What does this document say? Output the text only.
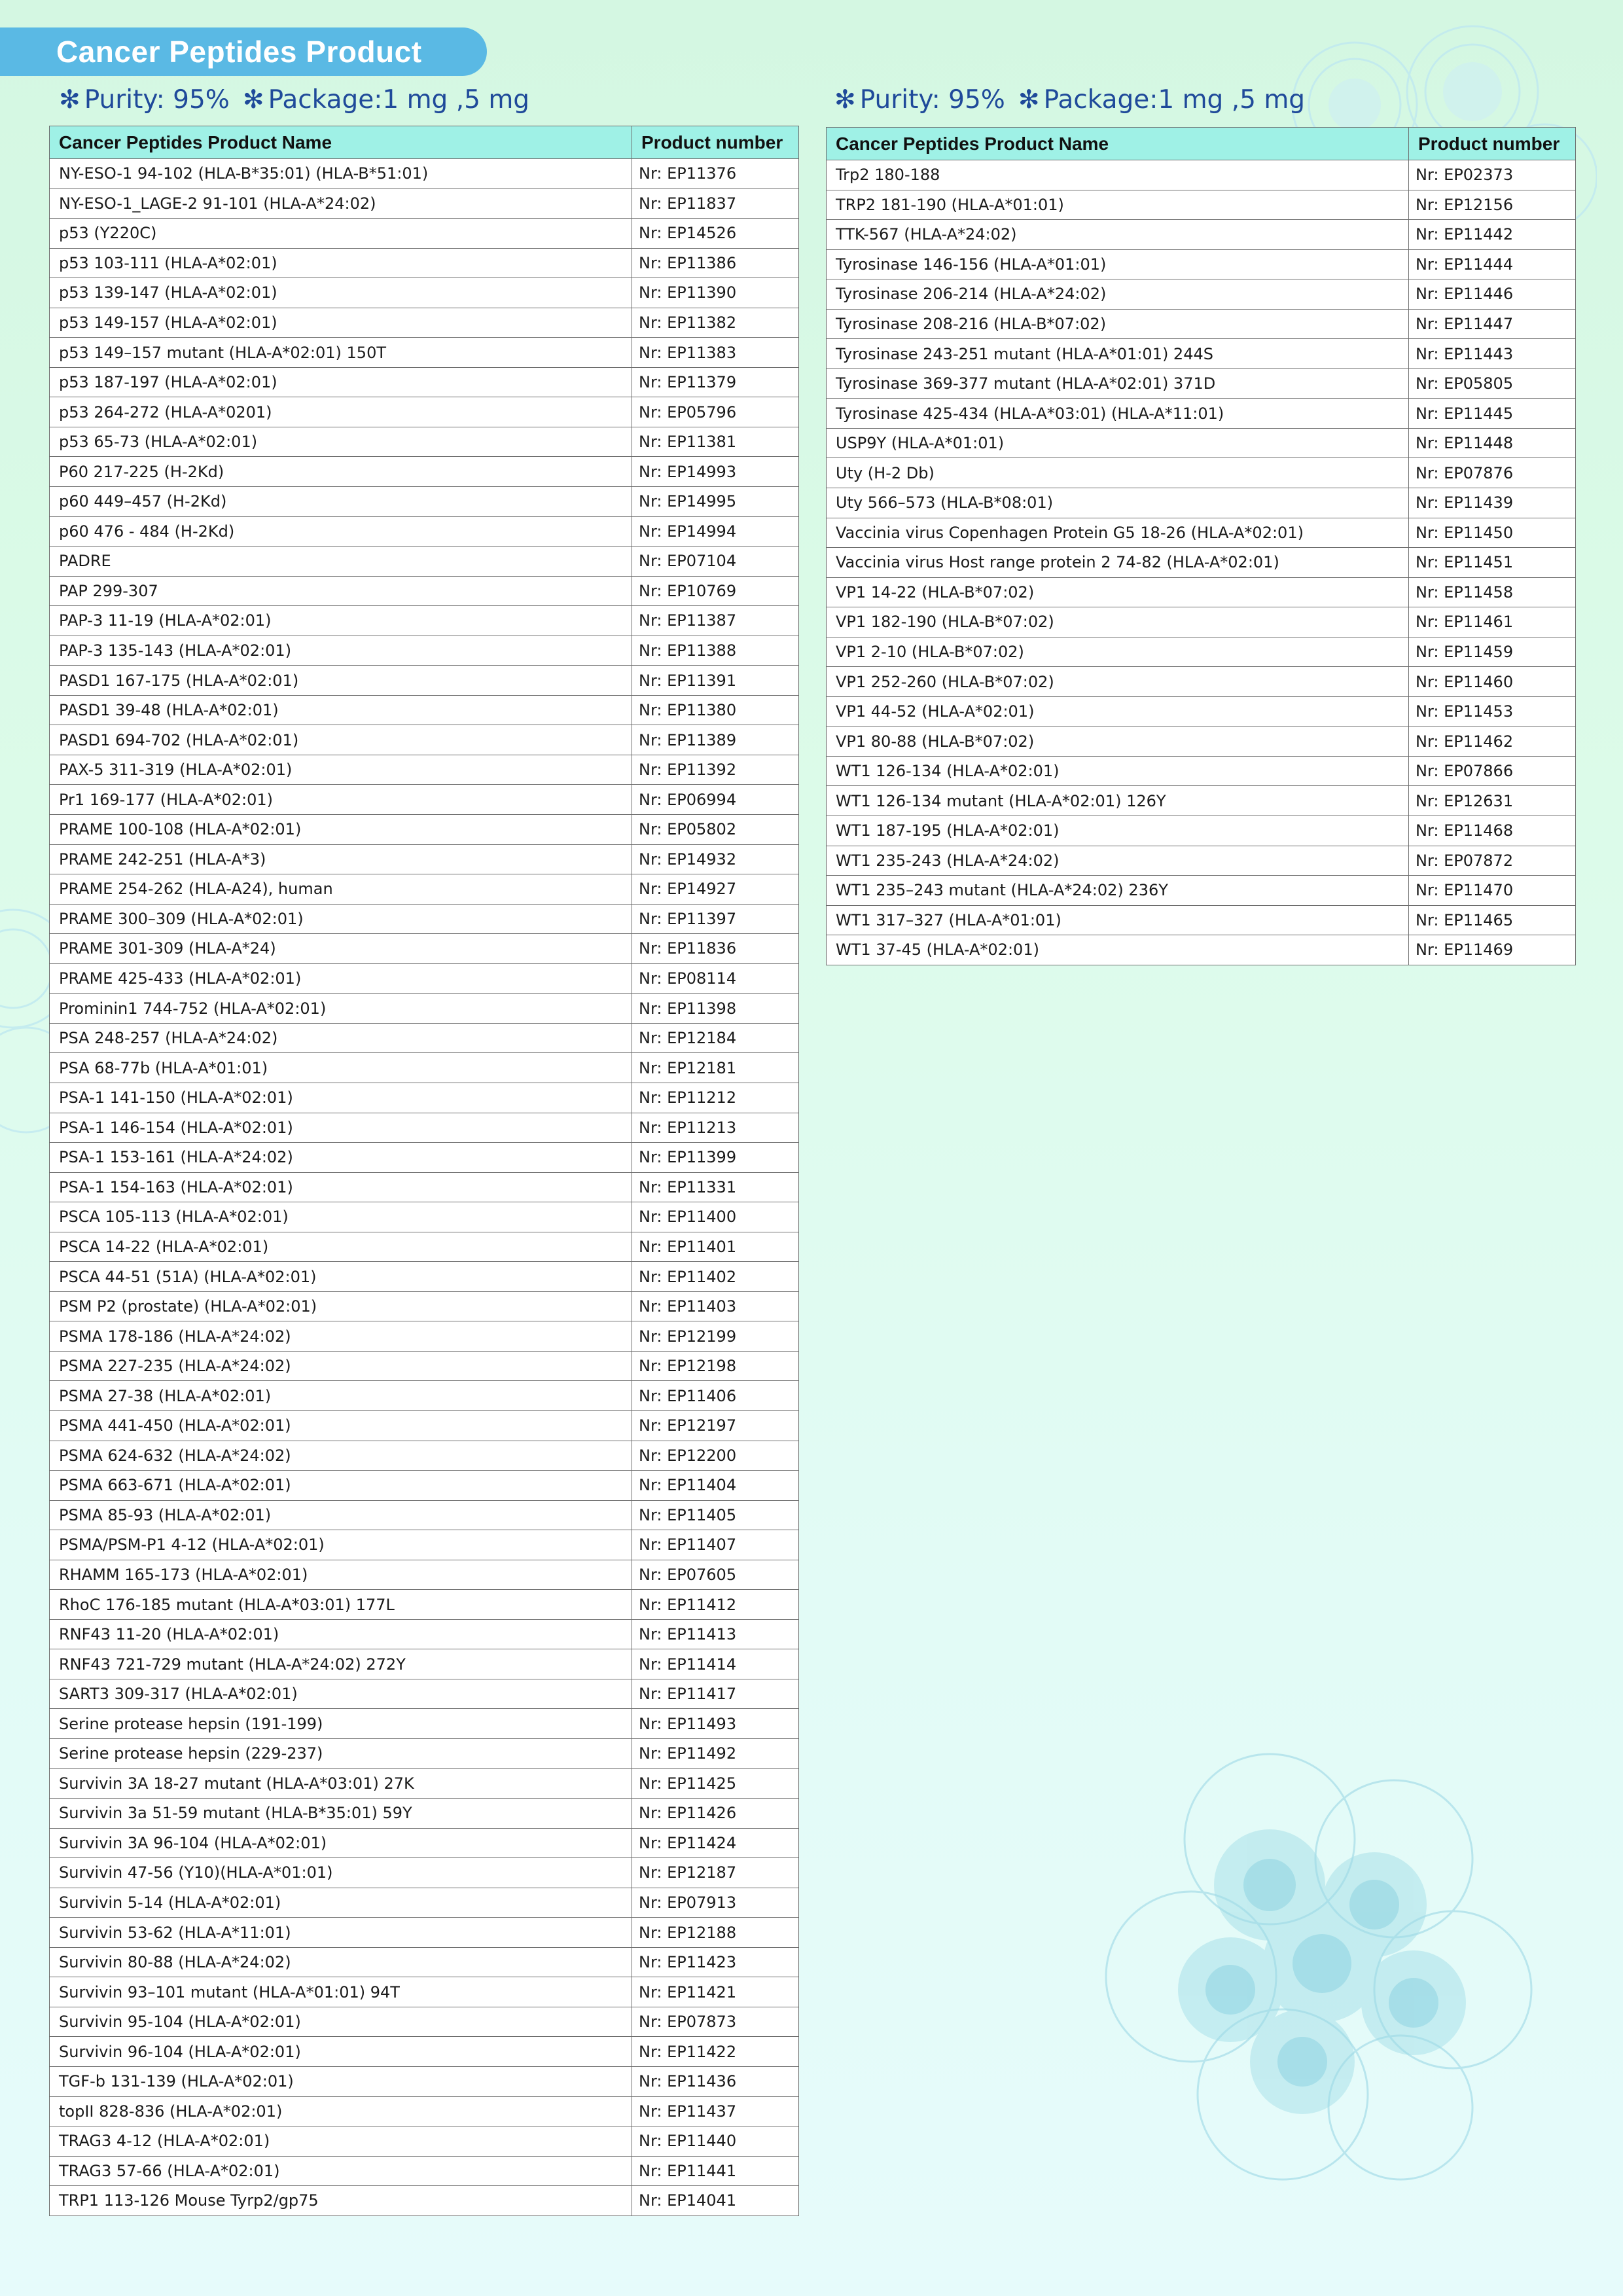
Cancer Peptides Product
✻ Purity: 95% ✻ Package:1 mg ,5 mg	✻ Purity: 95% ✻ Package:1 mg ,5 mg
Cancer Peptides Product Name	Product number
NY-ESO-1 94-102 (HLA-B*35:01) (HLA-B*51:01)	Nr: EP11376
NY-ESO-1_LAGE-2 91-101 (HLA-A*24:02)	Nr: EP11837
p53 (Y220C)	Nr: EP14526
p53 103-111 (HLA-A*02:01)	Nr: EP11386
p53 139-147 (HLA-A*02:01)	Nr: EP11390
p53 149-157 (HLA-A*02:01)	Nr: EP11382
p53 149–157 mutant (HLA-A*02:01) 150T	Nr: EP11383
p53 187-197 (HLA-A*02:01)	Nr: EP11379
p53 264-272 (HLA-A*0201)	Nr: EP05796
p53 65-73 (HLA-A*02:01)	Nr: EP11381
P60 217-225 (H-2Kd)	Nr: EP14993
p60 449–457 (H-2Kd)	Nr: EP14995
p60 476 - 484 (H-2Kd)	Nr: EP14994
PADRE	Nr: EP07104
PAP 299-307	Nr: EP10769
PAP-3 11-19 (HLA-A*02:01)	Nr: EP11387
PAP-3 135-143 (HLA-A*02:01)	Nr: EP11388
PASD1 167-175 (HLA-A*02:01)	Nr: EP11391
PASD1 39-48 (HLA-A*02:01)	Nr: EP11380
PASD1 694-702 (HLA-A*02:01)	Nr: EP11389
PAX-5 311-319 (HLA-A*02:01)	Nr: EP11392
Pr1 169-177 (HLA-A*02:01)	Nr: EP06994
PRAME 100-108 (HLA-A*02:01)	Nr: EP05802
PRAME 242-251 (HLA-A*3)	Nr: EP14932
PRAME 254-262 (HLA-A24), human	Nr: EP14927
PRAME 300–309 (HLA-A*02:01)	Nr: EP11397
PRAME 301-309 (HLA-A*24)	Nr: EP11836
PRAME 425-433 (HLA-A*02:01)	Nr: EP08114
Prominin1 744-752 (HLA-A*02:01)	Nr: EP11398
PSA 248-257 (HLA-A*24:02)	Nr: EP12184
PSA 68-77b (HLA-A*01:01)	Nr: EP12181
PSA-1 141-150 (HLA-A*02:01)	Nr: EP11212
PSA-1 146-154 (HLA-A*02:01)	Nr: EP11213
PSA-1 153-161 (HLA-A*24:02)	Nr: EP11399
PSA-1 154-163 (HLA-A*02:01)	Nr: EP11331
PSCA 105-113 (HLA-A*02:01)	Nr: EP11400
PSCA 14-22 (HLA-A*02:01)	Nr: EP11401
PSCA 44-51 (51A) (HLA-A*02:01)	Nr: EP11402
PSM P2 (prostate) (HLA-A*02:01)	Nr: EP11403
PSMA 178-186 (HLA-A*24:02)	Nr: EP12199
PSMA 227-235 (HLA-A*24:02)	Nr: EP12198
PSMA 27-38 (HLA-A*02:01)	Nr: EP11406
PSMA 441-450 (HLA-A*02:01)	Nr: EP12197
PSMA 624-632 (HLA-A*24:02)	Nr: EP12200
PSMA 663-671 (HLA-A*02:01)	Nr: EP11404
PSMA 85-93 (HLA-A*02:01)	Nr: EP11405
PSMA/PSM-P1 4-12 (HLA-A*02:01)	Nr: EP11407
RHAMM 165-173 (HLA-A*02:01)	Nr: EP07605
RhoC 176-185 mutant (HLA-A*03:01) 177L	Nr: EP11412
RNF43 11-20 (HLA-A*02:01)	Nr: EP11413
RNF43 721-729 mutant (HLA-A*24:02) 272Y	Nr: EP11414
SART3 309-317 (HLA-A*02:01)	Nr: EP11417
Serine protease hepsin (191-199)	Nr: EP11493
Serine protease hepsin (229-237)	Nr: EP11492
Survivin 3A 18-27 mutant (HLA-A*03:01) 27K	Nr: EP11425
Survivin 3a 51-59 mutant (HLA-B*35:01) 59Y	Nr: EP11426
Survivin 3A 96-104 (HLA-A*02:01)	Nr: EP11424
Survivin 47-56 (Y10)(HLA-A*01:01)	Nr: EP12187
Survivin 5-14 (HLA-A*02:01)	Nr: EP07913
Survivin 53-62 (HLA-A*11:01)	Nr: EP12188
Survivin 80-88 (HLA-A*24:02)	Nr: EP11423
Survivin 93–101 mutant (HLA-A*01:01) 94T	Nr: EP11421
Survivin 95-104 (HLA-A*02:01)	Nr: EP07873
Survivin 96-104 (HLA-A*02:01)	Nr: EP11422
TGF-b 131-139 (HLA-A*02:01)	Nr: EP11436
topII 828-836 (HLA-A*02:01)	Nr: EP11437
TRAG3 4-12 (HLA-A*02:01)	Nr: EP11440
TRAG3 57-66 (HLA-A*02:01)	Nr: EP11441
TRP1 113-126 Mouse Tyrp2/gp75	Nr: EP14041
Cancer Peptides Product Name	Product number
Trp2 180-188	Nr: EP02373
TRP2 181-190 (HLA-A*01:01)	Nr: EP12156
TTK-567 (HLA-A*24:02)	Nr: EP11442
Tyrosinase 146-156 (HLA-A*01:01)	Nr: EP11444
Tyrosinase 206-214 (HLA-A*24:02)	Nr: EP11446
Tyrosinase 208-216 (HLA-B*07:02)	Nr: EP11447
Tyrosinase 243-251 mutant (HLA-A*01:01) 244S	Nr: EP11443
Tyrosinase 369-377 mutant (HLA-A*02:01) 371D	Nr: EP05805
Tyrosinase 425-434 (HLA-A*03:01) (HLA-A*11:01)	Nr: EP11445
USP9Y (HLA-A*01:01)	Nr: EP11448
Uty (H-2 Db)	Nr: EP07876
Uty 566–573 (HLA-B*08:01)	Nr: EP11439
Vaccinia virus Copenhagen Protein G5 18-26 (HLA-A*02:01)	Nr: EP11450
Vaccinia virus Host range protein 2 74-82 (HLA-A*02:01)	Nr: EP11451
VP1 14-22 (HLA-B*07:02)	Nr: EP11458
VP1 182-190 (HLA-B*07:02)	Nr: EP11461
VP1 2-10 (HLA-B*07:02)	Nr: EP11459
VP1 252-260 (HLA-B*07:02)	Nr: EP11460
VP1 44-52 (HLA-A*02:01)	Nr: EP11453
VP1 80-88 (HLA-B*07:02)	Nr: EP11462
WT1 126-134 (HLA-A*02:01)	Nr: EP07866
WT1 126-134 mutant (HLA-A*02:01) 126Y	Nr: EP12631
WT1 187-195 (HLA-A*02:01)	Nr: EP11468
WT1 235-243 (HLA-A*24:02)	Nr: EP07872
WT1 235–243 mutant (HLA-A*24:02) 236Y	Nr: EP11470
WT1 317–327 (HLA-A*01:01)	Nr: EP11465
WT1 37-45 (HLA-A*02:01)	Nr: EP11469
